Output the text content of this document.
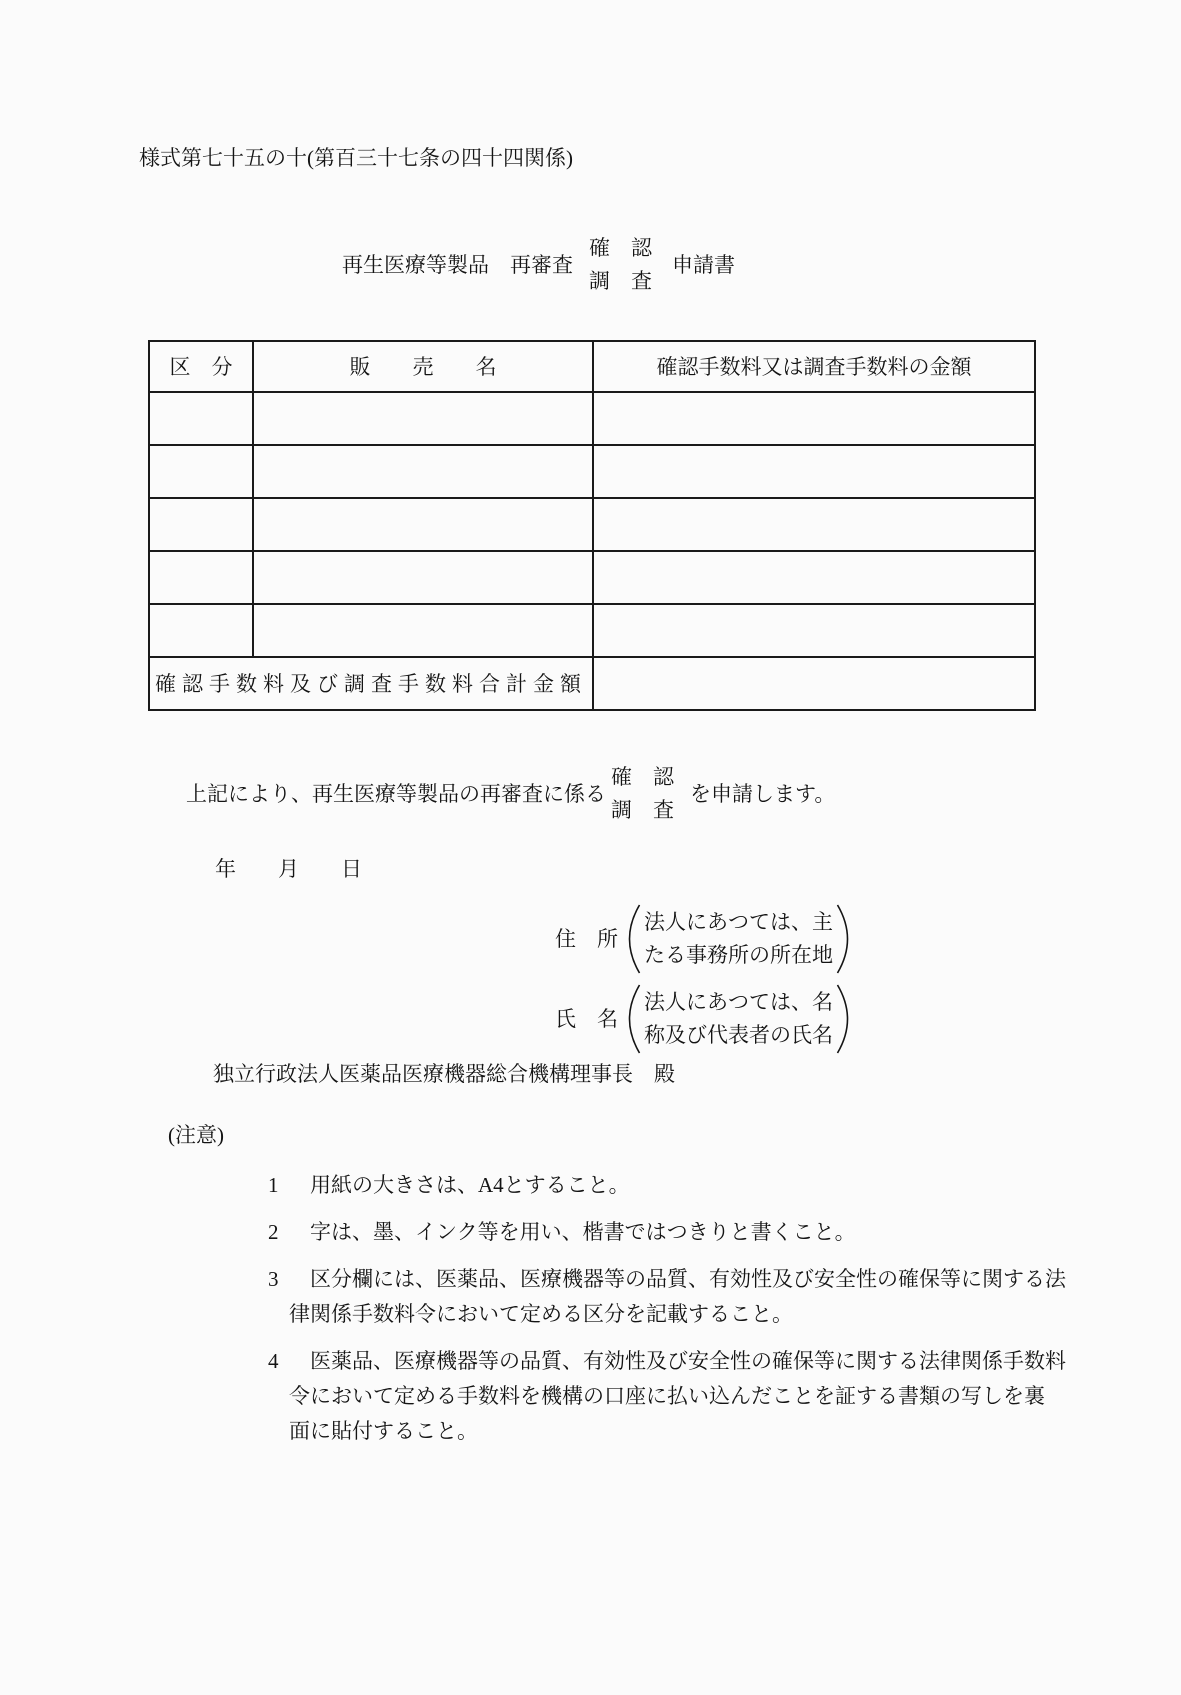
様式第七十五の十(第百三十七条の四十四関係)
再生医療等製品　再審査
確　認
調　査
申請書
区　分	販　　売　　名	確認手数料又は調査手数料の金額

確認手数料及び調査手数料合計金額		
上記により、再生医療等製品の再審査に係る
確　認
調　査
を申請します。
年　　月　　日
住　所
法人にあつては、主
たる事務所の所在地
氏　名
法人にあつては、名
称及び代表者の氏名
独立行政法人医薬品医療機器総合機構理事長　殿
(注意)
1	用紙の大きさは、A4とすること。
2	字は、墨、インク等を用い、楷書ではつきりと書くこと。
3	区分欄には、医薬品、医療機器等の品質、有効性及び安全性の確保等に関する法
律関係手数料令において定める区分を記載すること。
4	医薬品、医療機器等の品質、有効性及び安全性の確保等に関する法律関係手数料
令において定める手数料を機構の口座に払い込んだことを証する書類の写しを裏
面に貼付すること。
